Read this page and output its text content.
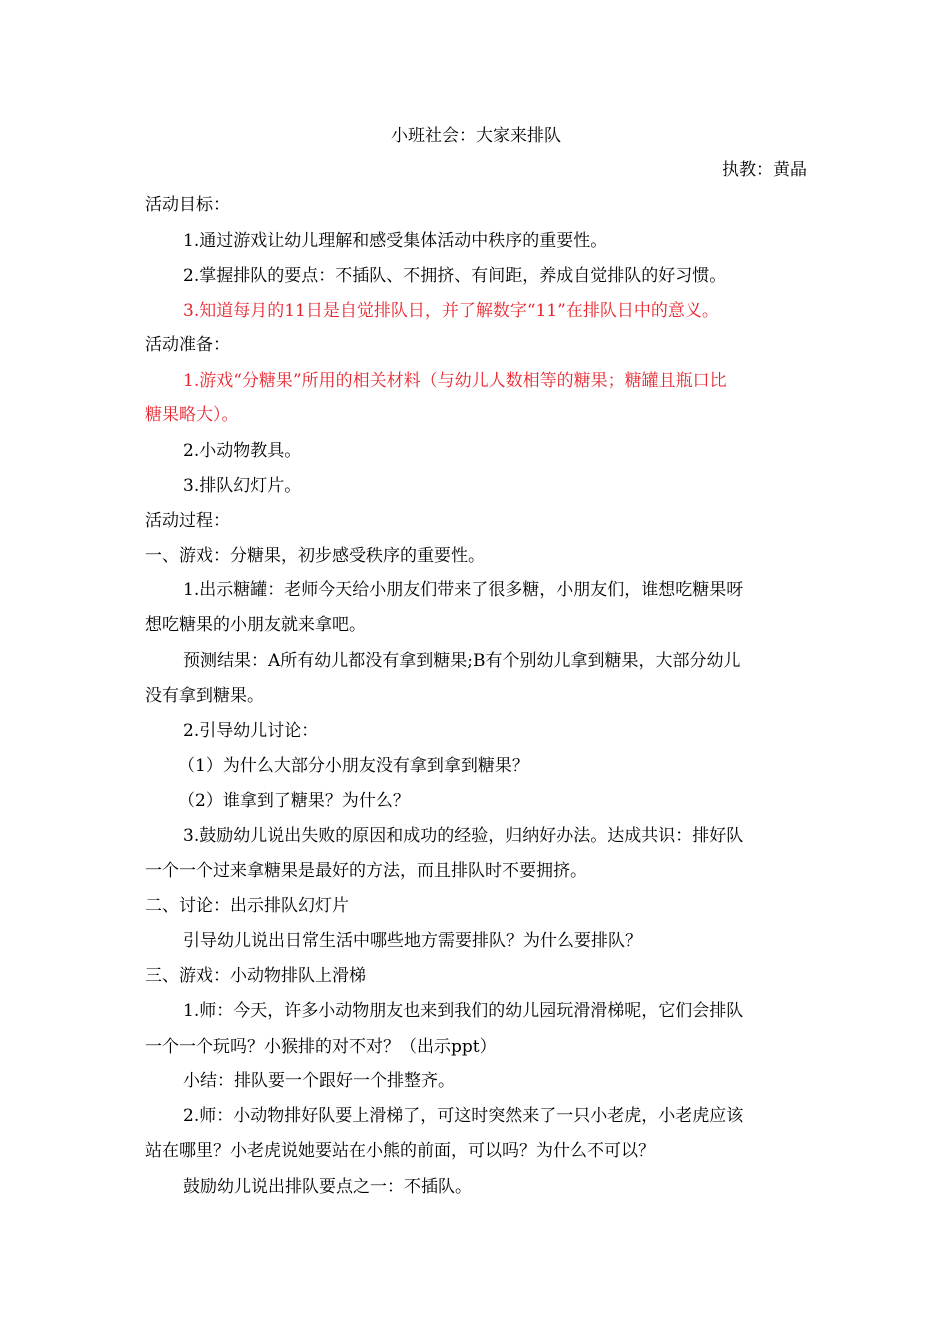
小班社会：大家来排队
执教：黄晶
活动目标：
1.通过游戏让幼儿理解和感受集体活动中秩序的重要性。
2.掌握排队的要点：不插队、不拥挤、有间距，养成自觉排队的好习惯。
3.知道每月的11日是自觉排队日，并了解数字“11”在排队日中的意义。
活动准备：
1.游戏“分糖果”所用的相关材料（与幼儿人数相等的糖果；糖罐且瓶口比
糖果略大）。
2.小动物教具。
3.排队幻灯片。
活动过程：
一、游戏：分糖果，初步感受秩序的重要性。
1.出示糖罐：老师今天给小朋友们带来了很多糖，小朋友们，谁想吃糖果呀
想吃糖果的小朋友就来拿吧。
预测结果：A所有幼儿都没有拿到糖果;B有个别幼儿拿到糖果，大部分幼儿
没有拿到糖果。
2.引导幼儿讨论：
（1）为什么大部分小朋友没有拿到拿到糖果？
（2）谁拿到了糖果？为什么？
3.鼓励幼儿说出失败的原因和成功的经验，归纳好办法。达成共识：排好队
一个一个过来拿糖果是最好的方法，而且排队时不要拥挤。
二、讨论：出示排队幻灯片
引导幼儿说出日常生活中哪些地方需要排队？为什么要排队？
三、游戏：小动物排队上滑梯
1.师：今天，许多小动物朋友也来到我们的幼儿园玩滑滑梯呢，它们会排队
一个一个玩吗？小猴排的对不对？（出示ppt）
小结：排队要一个跟好一个排整齐。
2.师：小动物排好队要上滑梯了，可这时突然来了一只小老虎，小老虎应该
站在哪里？小老虎说她要站在小熊的前面，可以吗？为什么不可以？
鼓励幼儿说出排队要点之一：不插队。
